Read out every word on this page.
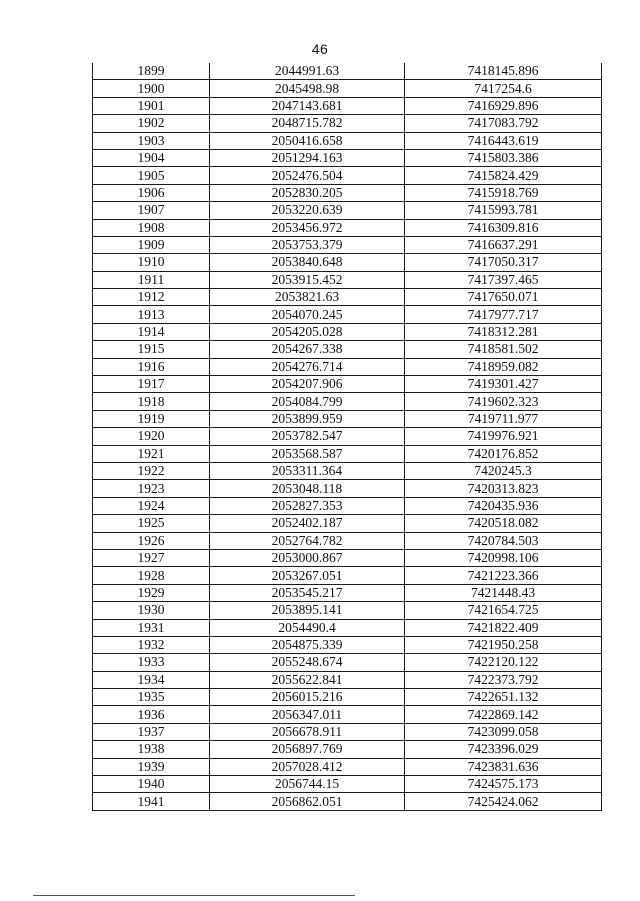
46
1899	2044991.63	7418145.896
1900	2045498.98	7417254.6
1901	2047143.681	7416929.896
1902	2048715.782	7417083.792
1903	2050416.658	7416443.619
1904	2051294.163	7415803.386
1905	2052476.504	7415824.429
1906	2052830.205	7415918.769
1907	2053220.639	7415993.781
1908	2053456.972	7416309.816
1909	2053753.379	7416637.291
1910	2053840.648	7417050.317
1911	2053915.452	7417397.465
1912	2053821.63	7417650.071
1913	2054070.245	7417977.717
1914	2054205.028	7418312.281
1915	2054267.338	7418581.502
1916	2054276.714	7418959.082
1917	2054207.906	7419301.427
1918	2054084.799	7419602.323
1919	2053899.959	7419711.977
1920	2053782.547	7419976.921
1921	2053568.587	7420176.852
1922	2053311.364	7420245.3
1923	2053048.118	7420313.823
1924	2052827.353	7420435.936
1925	2052402.187	7420518.082
1926	2052764.782	7420784.503
1927	2053000.867	7420998.106
1928	2053267.051	7421223.366
1929	2053545.217	7421448.43
1930	2053895.141	7421654.725
1931	2054490.4	7421822.409
1932	2054875.339	7421950.258
1933	2055248.674	7422120.122
1934	2055622.841	7422373.792
1935	2056015.216	7422651.132
1936	2056347.011	7422869.142
1937	2056678.911	7423099.058
1938	2056897.769	7423396.029
1939	2057028.412	7423831.636
1940	2056744.15	7424575.173
1941	2056862.051	7425424.062
